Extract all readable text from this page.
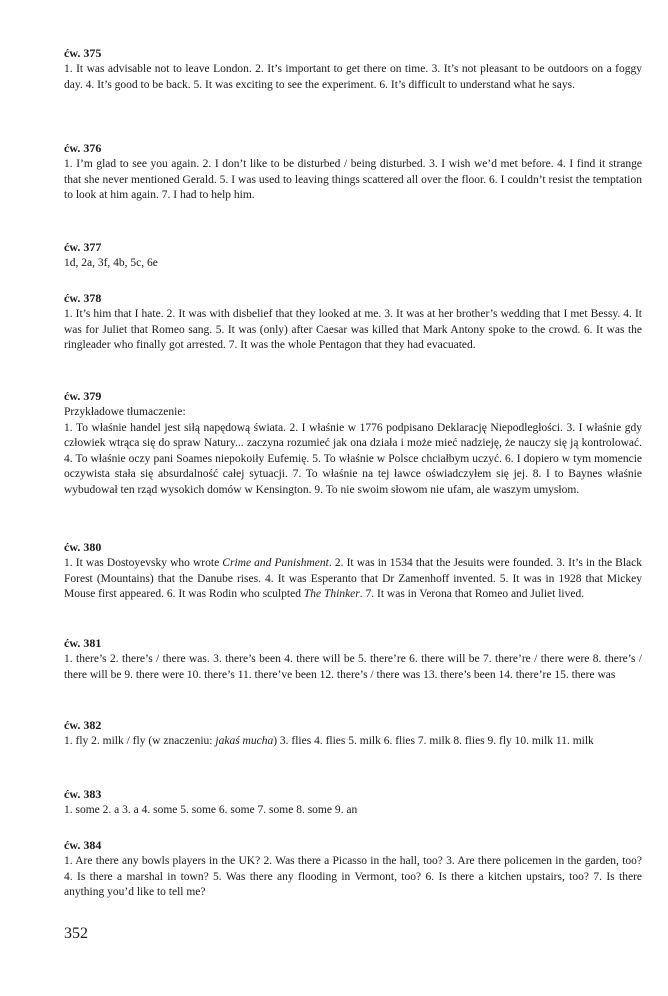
ćw. 375

1. It was advisable not to leave London. 2. It’s important to get there on time. 3. It’s not pleasant to be outdoors on a foggy day. 4. It’s good to be back. 5. It was exciting to see the experiment. 6. It’s difficult to understand what he says.

ćw. 376

1. I’m glad to see you again. 2. I don’t like to be disturbed / being disturbed. 3. I wish we’d met before. 4. I find it strange that she never mentioned Gerald. 5. I was used to leaving things scattered all over the floor. 6. I couldn’t resist the temptation to look at him again. 7. I had to help him.

ćw. 377

1d, 2a, 3f, 4b, 5c, 6e

ćw. 378

1. It’s him that I hate. 2. It was with disbelief that they looked at me. 3. It was at her brother’s wedding that I met Bessy. 4. It was for Juliet that Romeo sang. 5. It was (only) after Caesar was killed that Mark Antony spoke to the crowd. 6. It was the ringleader who finally got arrested. 7. It was the whole Pentagon that they had evacuated.

ćw. 379

Przykładowe tłumaczenie:

1. To właśnie handel jest siłą napędową świata. 2. I właśnie w 1776 podpisano Deklarację Niepodległości. 3. I właśnie gdy człowiek wtrąca się do spraw Natury... zaczyna rozumieć jak ona działa i może mieć nadzieję, że nauczy się ją kontrolować. 4. To właśnie oczy pani Soames niepokoiły Eufemię. 5. To właśnie w Polsce chciałbym uczyć. 6. I dopiero w tym momencie oczywista stała się absurdalność całej sytuacji. 7. To właśnie na tej ławce oświadczyłem się jej. 8. I to Baynes właśnie wybudował ten rząd wysokich domów w Kensington. 9. To nie swoim słowom nie ufam, ale waszym umysłom.

ćw. 380

1. It was Dostoyevsky who wrote Crime and Punishment. 2. It was in 1534 that the Jesuits were founded. 3. It’s in the Black Forest (Mountains) that the Danube rises. 4. It was Esperanto that Dr Zamenhoff invented. 5. It was in 1928 that Mickey Mouse first appeared. 6. It was Rodin who sculpted The Thinker. 7. It was in Verona that Romeo and Juliet lived.

ćw. 381

1. there’s 2. there’s / there was. 3. there’s been 4. there will be 5. there’re 6. there will be 7. there’re / there were 8. there’s / there will be 9. there were 10. there’s 11. there’ve been 12. there’s / there was 13. there’s been 14. there’re 15. there was

ćw. 382

1. fly 2. milk / fly (w znaczeniu: jakaś mucha) 3. flies 4. flies 5. milk 6. flies 7. milk 8. flies 9. fly 10. milk 11. milk

ćw. 383

1. some 2. a 3. a 4. some 5. some 6. some 7. some 8. some 9. an

ćw. 384

1. Are there any bowls players in the UK? 2. Was there a Picasso in the hall, too? 3. Are there policemen in the garden, too? 4. Is there a marshal in town? 5. Was there any flooding in Vermont, too? 6. Is there a kitchen upstairs, too? 7. Is there anything you’d like to tell me?

352
